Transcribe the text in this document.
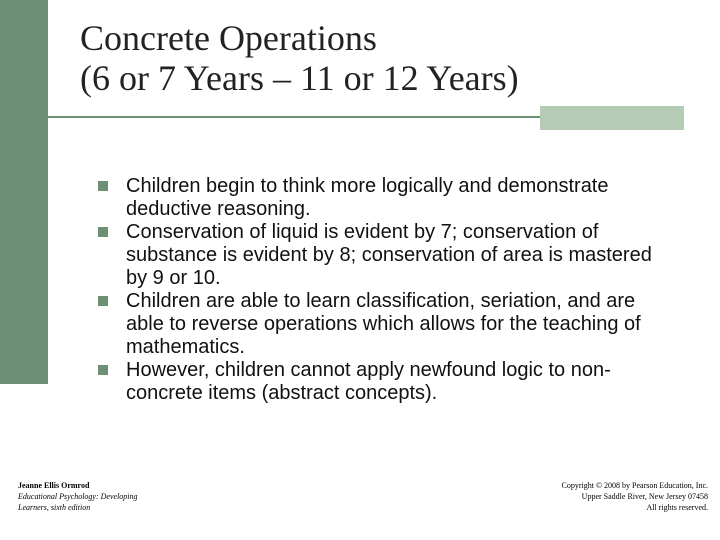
Concrete Operations
(6 or 7 Years – 11 or 12 Years)
Children begin to think more logically and demonstrate deductive reasoning.
Conservation of liquid is evident by 7; conservation of substance is evident by 8; conservation of area is mastered by 9 or 10.
Children are able to learn classification, seriation, and are able to reverse operations which allows for the teaching of mathematics.
However, children cannot apply newfound logic to non-concrete items (abstract concepts).
Jeanne Ellis Ormrod
Educational Psychology: Developing
Learners, sixth edition
Copyright © 2008 by Pearson Education, Inc.
Upper Saddle River, New Jersey 07458
All rights reserved.
